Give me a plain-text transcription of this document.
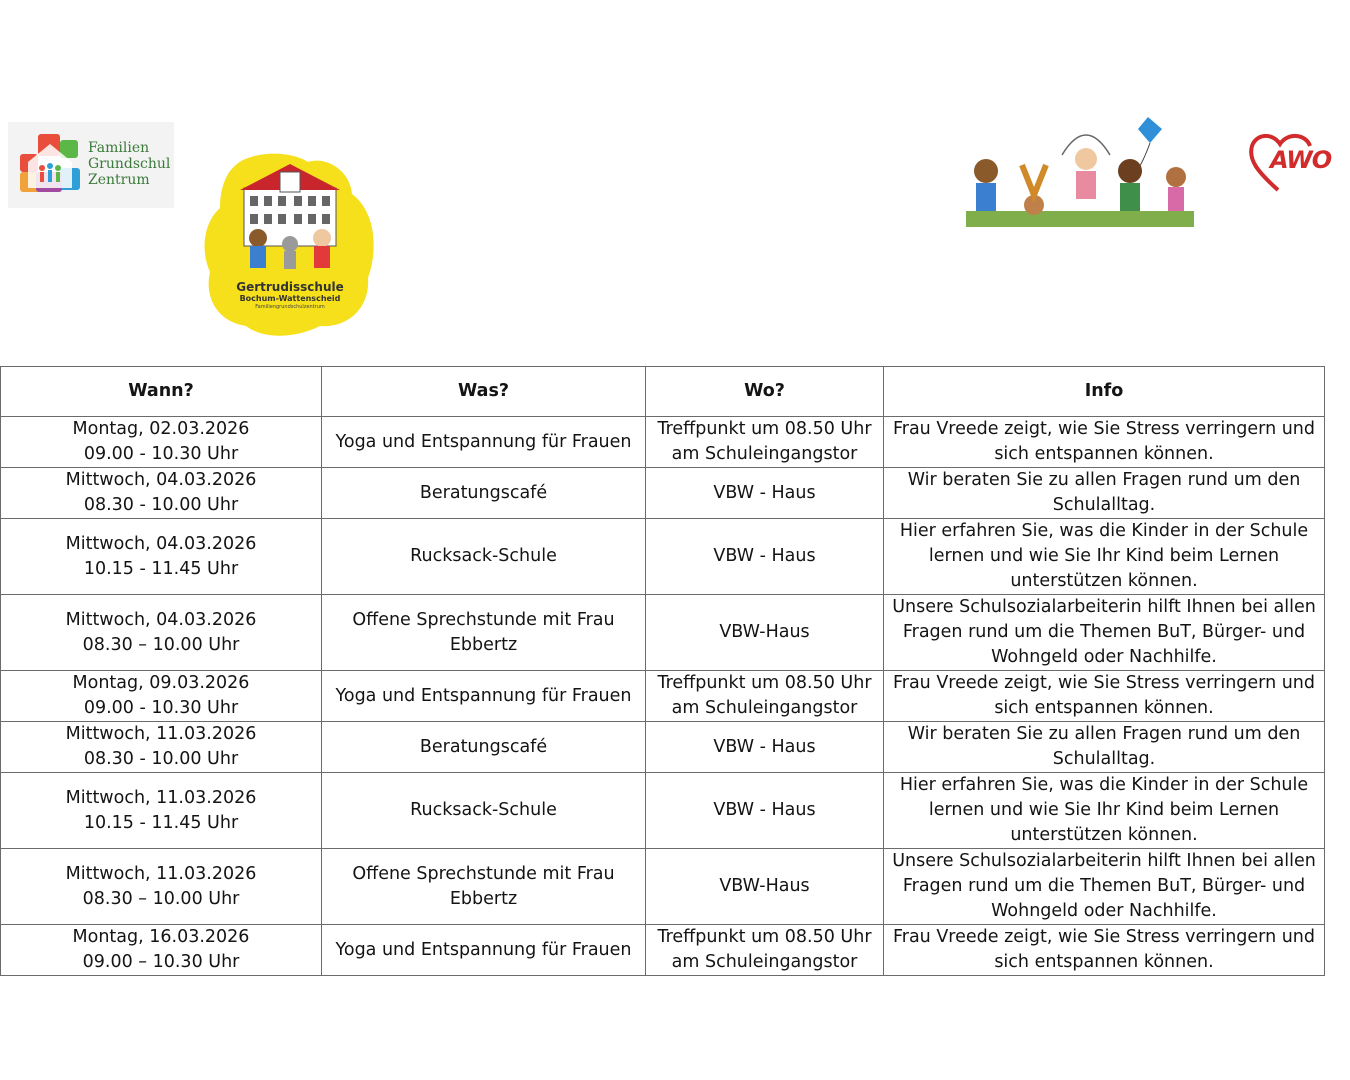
Familien
Grundschul
Zentrum
Gertrudisschule
Bochum-Wattenscheid
Familiengrundschulzentrum
AWO
Wann?	Was?	Wo?	Info

Montag, 02.03.2026
09.00 - 10.30 Uhr	Yoga und Entspannung für Frauen	Treffpunkt um 08.50 Uhr
am Schuleingangstor	Frau Vreede zeigt, wie Sie Stress verringern und
sich entspannen können.

Mittwoch, 04.03.2026
08.30 - 10.00 Uhr	Beratungscafé	VBW - Haus	Wir beraten Sie zu allen Fragen rund um den
Schulalltag.

Mittwoch, 04.03.2026
10.15 - 11.45 Uhr	Rucksack-Schule	VBW - Haus	Hier erfahren Sie, was die Kinder in der Schule
lernen und wie Sie Ihr Kind beim Lernen
unterstützen können.

Mittwoch, 04.03.2026
08.30 – 10.00 Uhr	Offene Sprechstunde mit Frau
Ebbertz	VBW-Haus	Unsere Schulsozialarbeiterin hilft Ihnen bei allen
Fragen rund um die Themen BuT, Bürger- und
Wohngeld oder Nachhilfe.

Montag, 09.03.2026
09.00 - 10.30 Uhr	Yoga und Entspannung für Frauen	Treffpunkt um 08.50 Uhr
am Schuleingangstor	Frau Vreede zeigt, wie Sie Stress verringern und
sich entspannen können.

Mittwoch, 11.03.2026
08.30 - 10.00 Uhr	Beratungscafé	VBW - Haus	Wir beraten Sie zu allen Fragen rund um den
Schulalltag.

Mittwoch, 11.03.2026
10.15 - 11.45 Uhr	Rucksack-Schule	VBW - Haus	Hier erfahren Sie, was die Kinder in der Schule
lernen und wie Sie Ihr Kind beim Lernen
unterstützen können.

Mittwoch, 11.03.2026
08.30 – 10.00 Uhr	Offene Sprechstunde mit Frau
Ebbertz	VBW-Haus	Unsere Schulsozialarbeiterin hilft Ihnen bei allen
Fragen rund um die Themen BuT, Bürger- und
Wohngeld oder Nachhilfe.

Montag, 16.03.2026
09.00 – 10.30 Uhr	Yoga und Entspannung für Frauen	Treffpunkt um 08.50 Uhr
am Schuleingangstor	Frau Vreede zeigt, wie Sie Stress verringern und
sich entspannen können.
